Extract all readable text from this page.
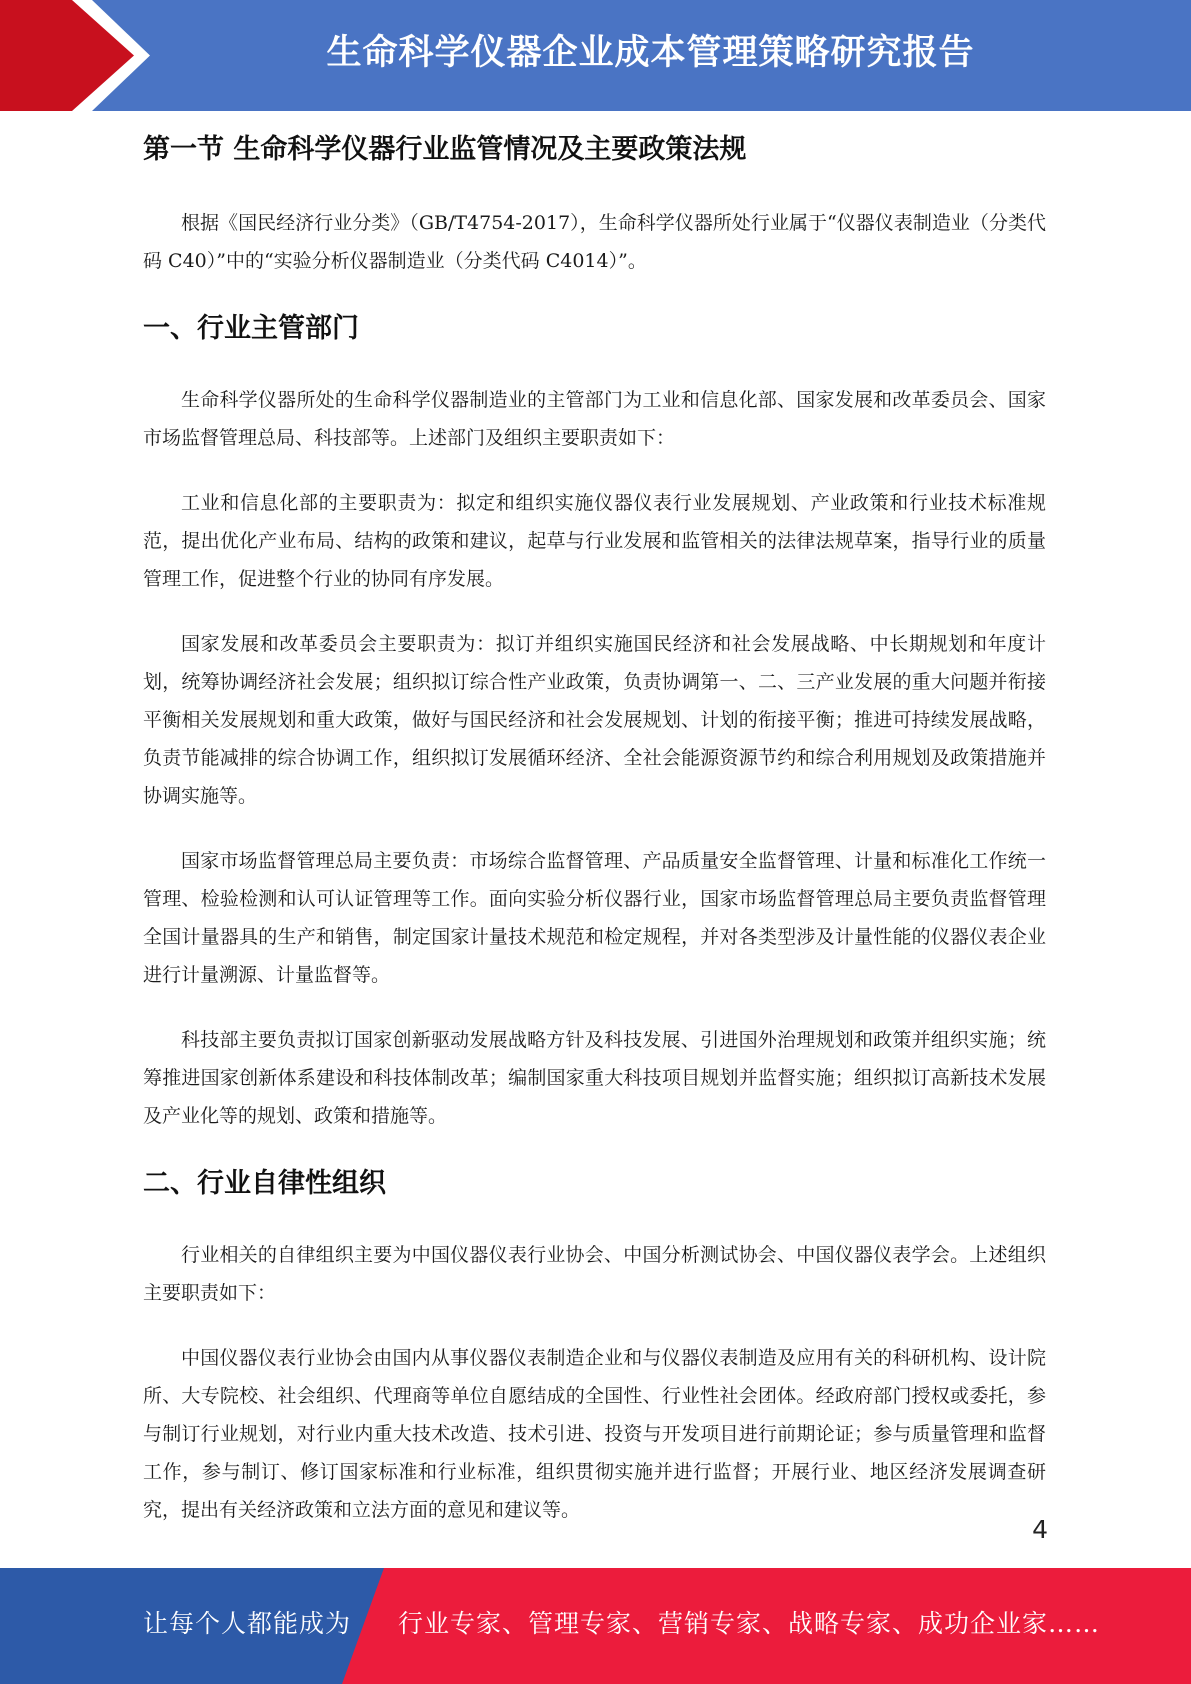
生命科学仪器企业成本管理策略研究报告
第一节 生命科学仪器行业监管情况及主要政策法规

根据《国民经济行业分类》（GB/T4754-2017），生命科学仪器所处行业属于“仪器仪表制造业（分类代码 C40）”中的“实验分析仪器制造业（分类代码 C4014）”。

一、行业主管部门

生命科学仪器所处的生命科学仪器制造业的主管部门为工业和信息化部、国家发展和改革委员会、国家市场监督管理总局、科技部等。上述部门及组织主要职责如下：

工业和信息化部的主要职责为：拟定和组织实施仪器仪表行业发展规划、产业政策和行业技术标准规范，提出优化产业布局、结构的政策和建议，起草与行业发展和监管相关的法律法规草案，指导行业的质量管理工作，促进整个行业的协同有序发展。

国家发展和改革委员会主要职责为：拟订并组织实施国民经济和社会发展战略、中长期规划和年度计划，统筹协调经济社会发展；组织拟订综合性产业政策，负责协调第一、二、三产业发展的重大问题并衔接平衡相关发展规划和重大政策，做好与国民经济和社会发展规划、计划的衔接平衡；推进可持续发展战略，负责节能减排的综合协调工作，组织拟订发展循环经济、全社会能源资源节约和综合利用规划及政策措施并协调实施等。

国家市场监督管理总局主要负责：市场综合监督管理、产品质量安全监督管理、计量和标准化工作统一管理、检验检测和认可认证管理等工作。面向实验分析仪器行业，国家市场监督管理总局主要负责监督管理全国计量器具的生产和销售，制定国家计量技术规范和检定规程，并对各类型涉及计量性能的仪器仪表企业进行计量溯源、计量监督等。

科技部主要负责拟订国家创新驱动发展战略方针及科技发展、引进国外治理规划和政策并组织实施；统筹推进国家创新体系建设和科技体制改革；编制国家重大科技项目规划并监督实施；组织拟订高新技术发展及产业化等的规划、政策和措施等。

二、行业自律性组织

行业相关的自律组织主要为中国仪器仪表行业协会、中国分析测试协会、中国仪器仪表学会。上述组织主要职责如下：

中国仪器仪表行业协会由国内从事仪器仪表制造企业和与仪器仪表制造及应用有关的科研机构、设计院所、大专院校、社会组织、代理商等单位自愿结成的全国性、行业性社会团体。经政府部门授权或委托，参与制订行业规划，对行业内重大技术改造、技术引进、投资与开发项目进行前期论证；参与质量管理和监督工作，参与制订、修订国家标准和行业标准，组织贯彻实施并进行监督；开展行业、地区经济发展调查研究，提出有关经济政策和立法方面的意见和建议等。

4
让每个人都能成为 行业专家、管理专家、营销专家、战略专家、成功企业家……
